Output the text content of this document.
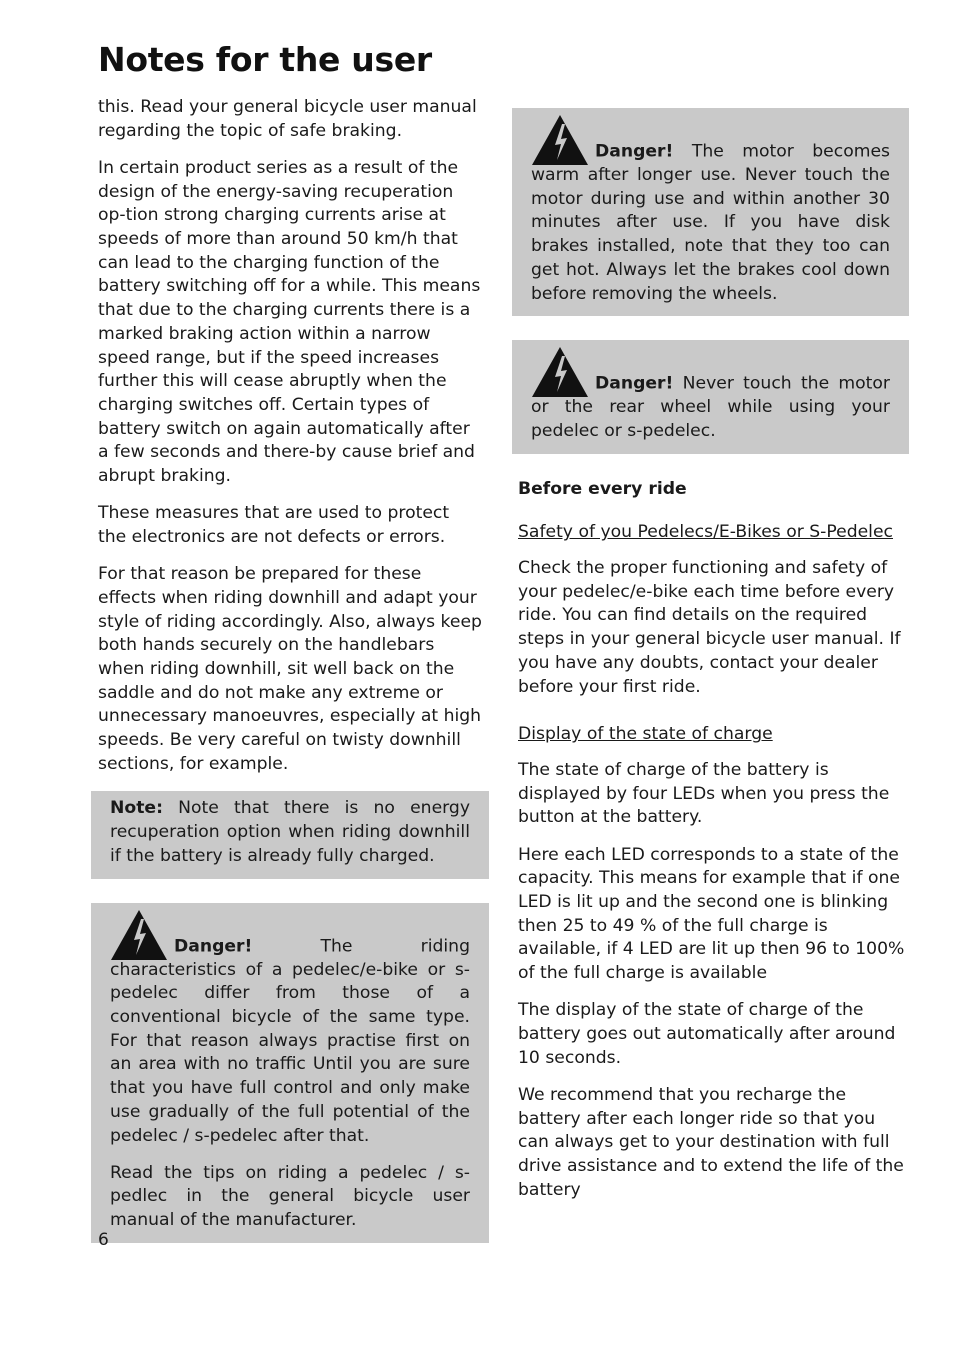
Notes for the user

this. Read your general bicycle user manual regarding the topic of safe braking.

In certain product series as a result of the design of the energy-saving recuperation op-tion strong charging currents arise at speeds of more than around 50 km/h that can lead to the charging function of the battery switching off for a while. This means that due to the charging currents there is a marked braking action within a narrow speed range, but if the speed increases further this will cease abruptly when the charging switches off. Certain types of battery switch on again automatically after a few seconds and there-by cause brief and abrupt braking.

These measures that are used to protect the electronics are not defects or errors.

For that reason be prepared for these effects when riding downhill and adapt your style of riding accordingly. Also, always keep both hands securely on the handlebars when riding downhill, sit well back on the saddle and do not make any extreme or unnecessary manoeuvres, especially at high speeds. Be very careful on twisty downhill sections, for example.

Note: Note that there is no energy recuperation option when riding downhill if the battery is already fully charged.

Danger! The riding characteristics of a pedelec/e-bike or s-pedelec differ from those of a conventional bicycle of the same type. For that reason always practise first on an area with no traffic Until you are sure that you have full control and only make use gradually of the full potential of the pedelec / s-pedelec after that.

Read the tips on riding a pedelec / s-pedlec in the general bicycle user manual of the manufacturer.

Danger! The motor becomes warm after longer use. Never touch the motor during use and within another 30 minutes after use. If you have disk brakes installed, note that they too can get hot. Always let the brakes cool down before removing the wheels.

Danger! Never touch the motor or the rear wheel while using your pedelec or s-pedelec.

Before every ride

Safety of you Pedelecs/E-Bikes or S-Pedelec

Check the proper functioning and safety of your pedelec/e-bike each time before every ride. You can find details on the required steps in your general bicycle user manual. If you have any doubts, contact your dealer before your first ride.

Display of the state of charge

The state of charge of the battery is displayed by four LEDs when you press the button at the battery.

Here each LED corresponds to a state of the capacity. This means for example that if one LED is lit up and the second one is blinking then 25 to 49 % of the full charge is available, if 4 LED are lit up then 96 to 100% of the full charge is available

The display of the state of charge of the battery goes out automatically after around 10 seconds.

We recommend that you recharge the battery after each longer ride so that you can always get to your destination with full drive assistance and to extend the life of the battery

6
